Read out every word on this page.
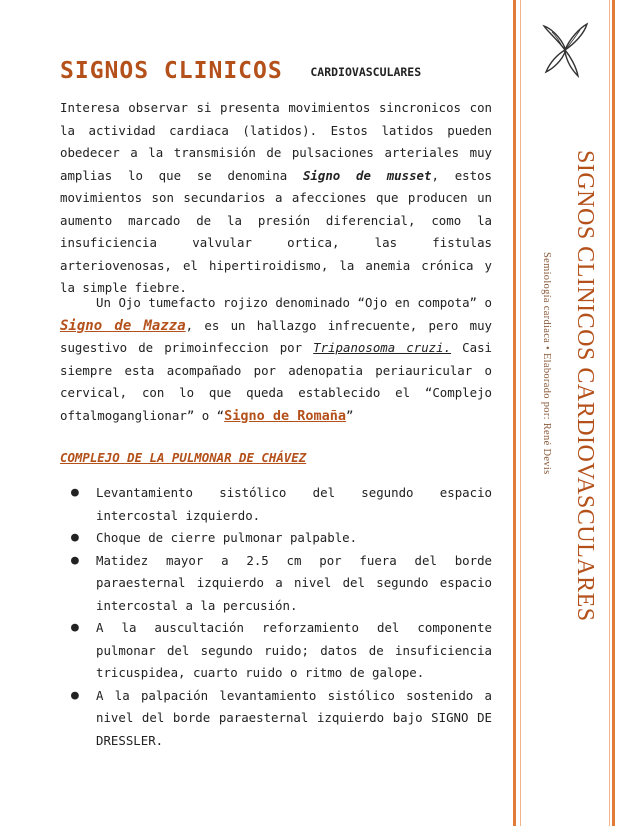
SIGNOS CLINICOS CARDIOVASCULARES
Semiología cardiaca • Elaborado por: René Devis
SIGNOS CLINICOS CARDIOVASCULARES

Interesa observar si presenta movimientos sincronicos con la actividad cardiaca (latidos). Estos latidos pueden obedecer a la transmisión de pulsaciones arteriales muy amplias lo que se denomina Signo de musset, estos movimientos son secundarios a afecciones que producen un aumento marcado de la presión diferencial, como la insuficiencia valvular ortica, las fistulas arteriovenosas, el hipertiroidismo, la anemia crónica y la simple fiebre.

Un Ojo tumefacto rojizo denominado “Ojo en compota” o Signo de Mazza, es un hallazgo infrecuente, pero muy sugestivo de primoinfeccion por Tripanosoma cruzi. Casi siempre esta acompañado por adenopatia periauricular o cervical, con lo que queda establecido el “Complejo oftalmoganglionar” o “Signo de Romaña”

COMPLEJO DE LA PULMONAR DE CHÁVEZ
● Levantamiento sistólico del segundo espacio intercostal izquierdo.
● Choque de cierre pulmonar palpable.
● Matidez mayor a 2.5 cm por fuera del borde paraesternal izquierdo a nivel del segundo espacio intercostal a la percusión.
● A la auscultación reforzamiento del componente pulmonar del segundo ruido; datos de insuficiencia tricuspidea, cuarto ruido o ritmo de galope.
● A la palpación levantamiento sistólico sostenido a nivel del borde paraesternal izquierdo bajo SIGNO DE DRESSLER.
